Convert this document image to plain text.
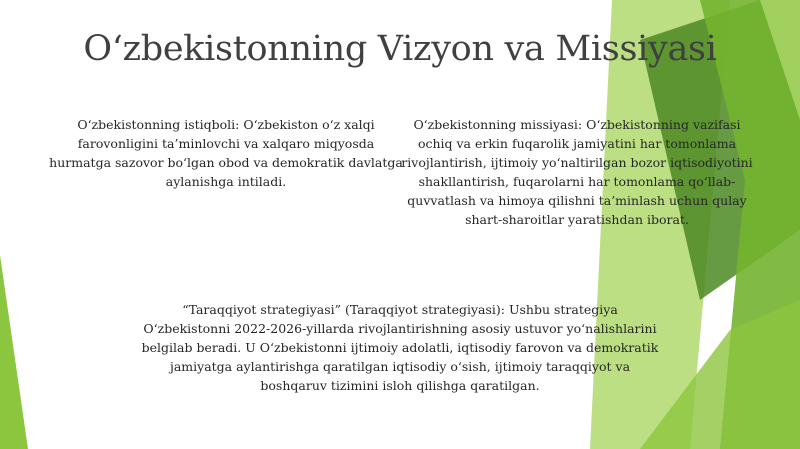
O‘zbekistonning Vizyon va Missiyasi

O‘zbekistonning istiqboli: O‘zbekiston o‘z xalqi farovonligini ta’minlovchi va xalqaro miqyosda hurmatga sazovor bo‘lgan obod va demokratik davlatga aylanishga intiladi.

O‘zbekistonning missiyasi: O‘zbekistonning vazifasi ochiq va erkin fuqarolik jamiyatini har tomonlama rivojlantirish, ijtimoiy yo‘naltirilgan bozor iqtisodiyotini shakllantirish, fuqarolarni har tomonlama qo‘llab-quvvatlash va himoya qilishni ta’minlash uchun qulay shart-sharoitlar yaratishdan iborat.

“Taraqqiyot strategiyasi” (Taraqqiyot strategiyasi): Ushbu strategiya O‘zbekistonni 2022-2026-yillarda rivojlantirishning asosiy ustuvor yo‘nalishlarini belgilab beradi. U O‘zbekistonni ijtimoiy adolatli, iqtisodiy farovon va demokratik jamiyatga aylantirishga qaratilgan iqtisodiy o‘sish, ijtimoiy taraqqiyot va boshqaruv tizimini isloh qilishga qaratilgan.
